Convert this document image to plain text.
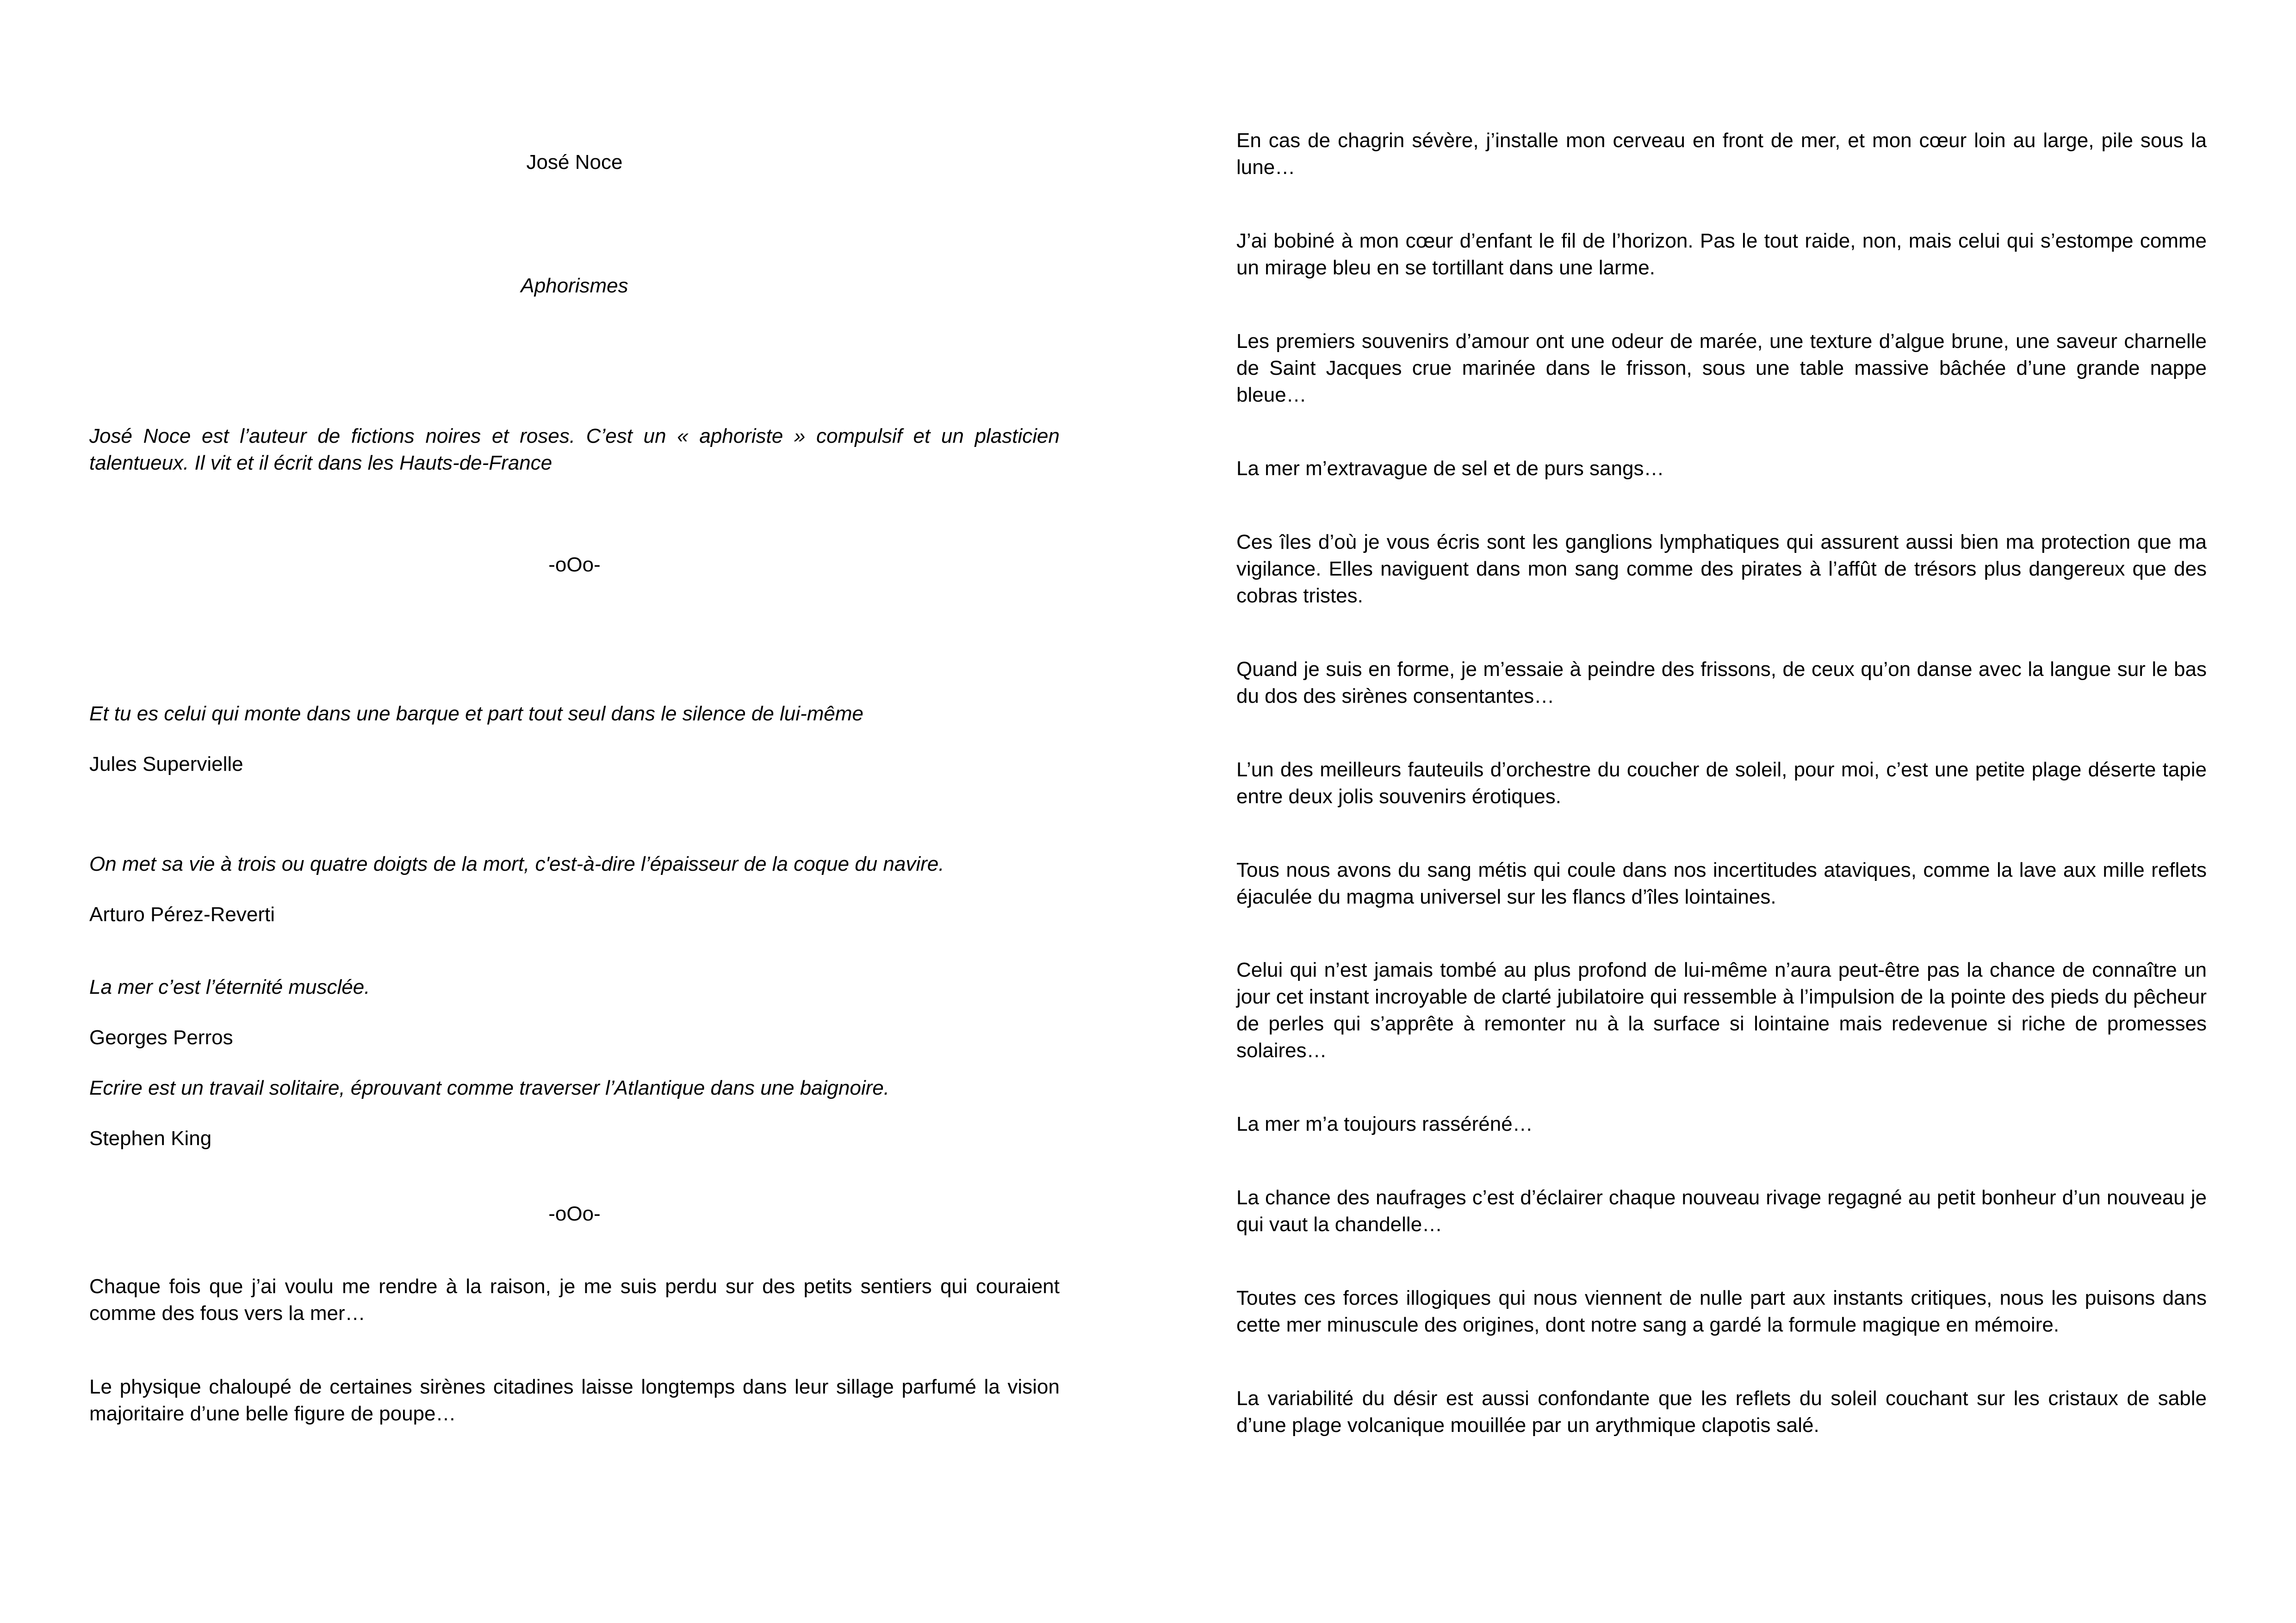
José Noce

Aphorismes

José Noce est l’auteur de fictions noires et roses. C’est un « aphoriste » compulsif et un plasticien talentueux. Il vit et il écrit dans les Hauts-de-France

-oOo-

Et tu es celui qui monte dans une barque et part tout seul dans le silence de lui-même

Jules Supervielle

On met sa vie à trois ou quatre doigts de la mort, c'est-à-dire l’épaisseur de la coque du navire.

Arturo Pérez-Reverti

La mer c’est l’éternité musclée.

Georges Perros

Ecrire est un travail solitaire, éprouvant comme traverser l’Atlantique dans une baignoire.

Stephen King

-oOo-

Chaque fois que j’ai voulu me rendre à la raison, je me suis perdu sur des petits sentiers qui couraient comme des fous vers la mer…

Le physique chaloupé de certaines sirènes citadines laisse longtemps dans leur sillage parfumé la vision majoritaire d’une belle figure de poupe…

En cas de chagrin sévère, j’installe mon cerveau en front de mer, et mon cœur loin au large, pile sous la lune…

J’ai bobiné à mon cœur d’enfant le fil de l’horizon. Pas le tout raide, non, mais celui qui s’estompe comme un mirage bleu en se tortillant dans une larme.

Les premiers souvenirs d’amour ont une odeur de marée, une texture d’algue brune, une saveur charnelle de Saint Jacques crue marinée dans le frisson, sous une table massive bâchée d’une grande nappe bleue…

La mer m’extravague de sel et de purs sangs…

Ces îles d’où je vous écris sont les ganglions lymphatiques qui assurent aussi bien ma protection que ma vigilance. Elles naviguent dans mon sang comme des pirates à l’affût de trésors plus dangereux que des cobras tristes.

Quand je suis en forme, je m’essaie à peindre des frissons, de ceux qu’on danse avec la langue sur le bas du dos des sirènes consentantes…

L’un des meilleurs fauteuils d’orchestre du coucher de soleil, pour moi, c’est une petite plage déserte tapie entre deux jolis souvenirs érotiques.

Tous nous avons du sang métis qui coule dans nos incertitudes ataviques, comme la lave aux mille reflets éjaculée du magma universel sur les flancs d’îles lointaines.

Celui qui n’est jamais tombé au plus profond de lui-même n’aura peut-être pas la chance de connaître un jour cet instant incroyable de clarté jubilatoire qui ressemble à l’impulsion de la pointe des pieds du pêcheur de perles qui s’apprête à remonter nu à la surface si lointaine mais redevenue si riche de promesses solaires…

La mer m’a toujours rasséréné…

La chance des naufrages c’est d’éclairer chaque nouveau rivage regagné au petit bonheur d’un nouveau je qui vaut la chandelle…

Toutes ces forces illogiques qui nous viennent de nulle part aux instants critiques, nous les puisons dans cette mer minuscule des origines, dont notre sang a gardé la formule magique en mémoire.

La variabilité du désir est aussi confondante que les reflets du soleil couchant sur les cristaux de sable d’une plage volcanique mouillée par un arythmique clapotis salé.
